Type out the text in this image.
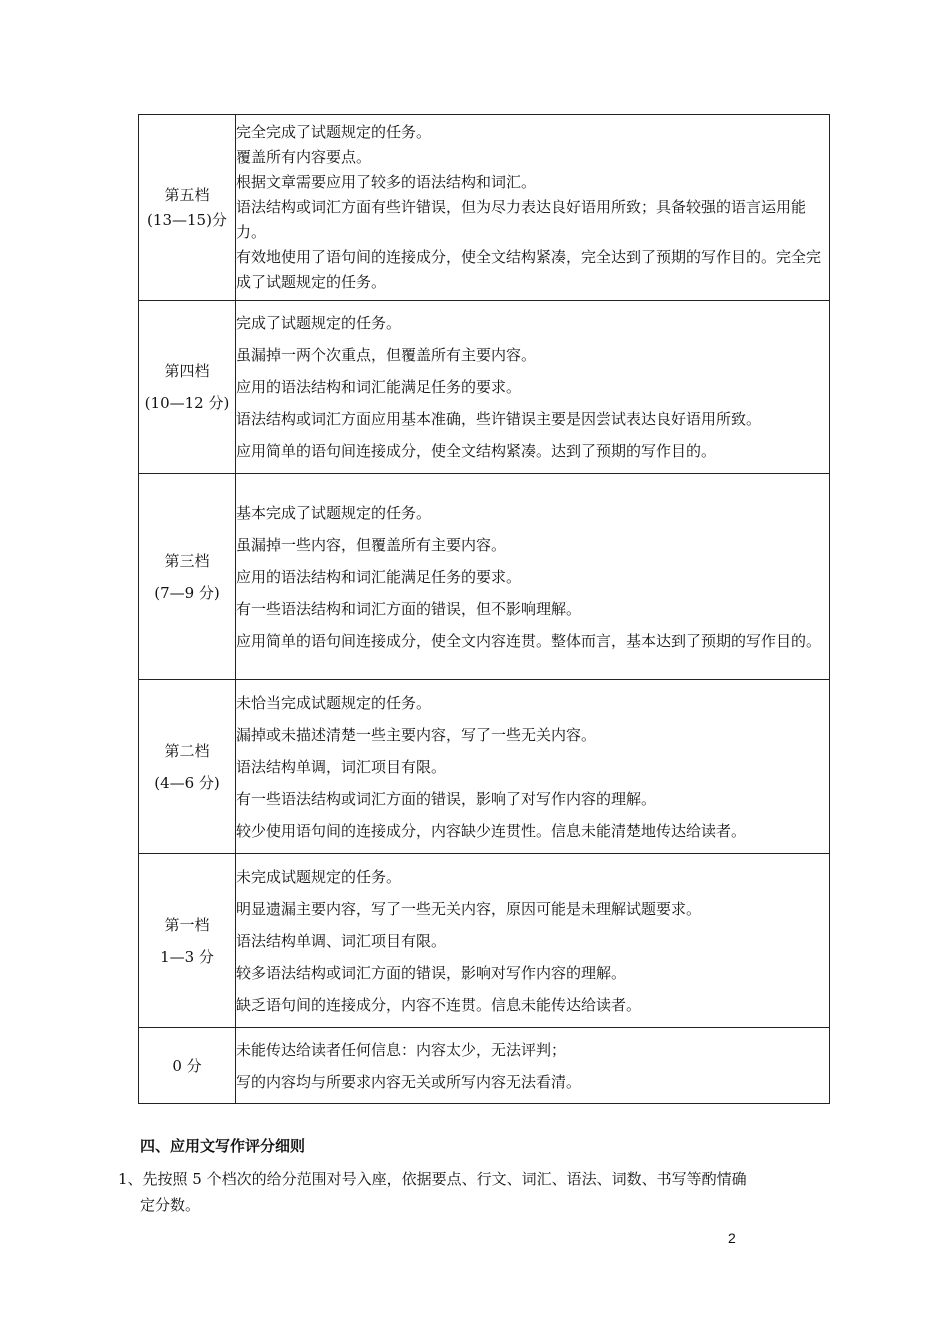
第五档
(13—15)分	完全完成了试题规定的任务。
覆盖所有内容要点。
根据文章需要应用了较多的语法结构和词汇。
语法结构或词汇方面有些许错误，但为尽力表达良好语用所致；具备较强的语言运用能力。
有效地使用了语句间的连接成分，使全文结构紧凑，完全达到了预期的写作目的。完全完成了试题规定的任务。

第四档
(10—12 分)	完成了试题规定的任务。
虽漏掉一两个次重点，但覆盖所有主要内容。
应用的语法结构和词汇能满足任务的要求。
语法结构或词汇方面应用基本准确，些许错误主要是因尝试表达良好语用所致。
应用简单的语句间连接成分，使全文结构紧凑。达到了预期的写作目的。

第三档
(7—9 分)	基本完成了试题规定的任务。
虽漏掉一些内容，但覆盖所有主要内容。
应用的语法结构和词汇能满足任务的要求。
有一些语法结构和词汇方面的错误，但不影响理解。
应用简单的语句间连接成分，使全文内容连贯。整体而言，基本达到了预期的写作目的。

第二档
(4—6 分)	未恰当完成试题规定的任务。
漏掉或未描述清楚一些主要内容，写了一些无关内容。
语法结构单调，词汇项目有限。
有一些语法结构或词汇方面的错误，影响了对写作内容的理解。
较少使用语句间的连接成分，内容缺少连贯性。信息未能清楚地传达给读者。

第一档
1—3 分	未完成试题规定的任务。
明显遗漏主要内容，写了一些无关内容，原因可能是未理解试题要求。
语法结构单调、词汇项目有限。
较多语法结构或词汇方面的错误，影响对写作内容的理解。
缺乏语句间的连接成分，内容不连贯。信息未能传达给读者。

0 分	未能传达给读者任何信息：内容太少，无法评判；
写的内容均与所要求内容无关或所写内容无法看清。
四、应用文写作评分细则
1、先按照 5 个档次的给分范围对号入座，依据要点、行文、词汇、语法、词数、书写等酌情确
定分数。
2
